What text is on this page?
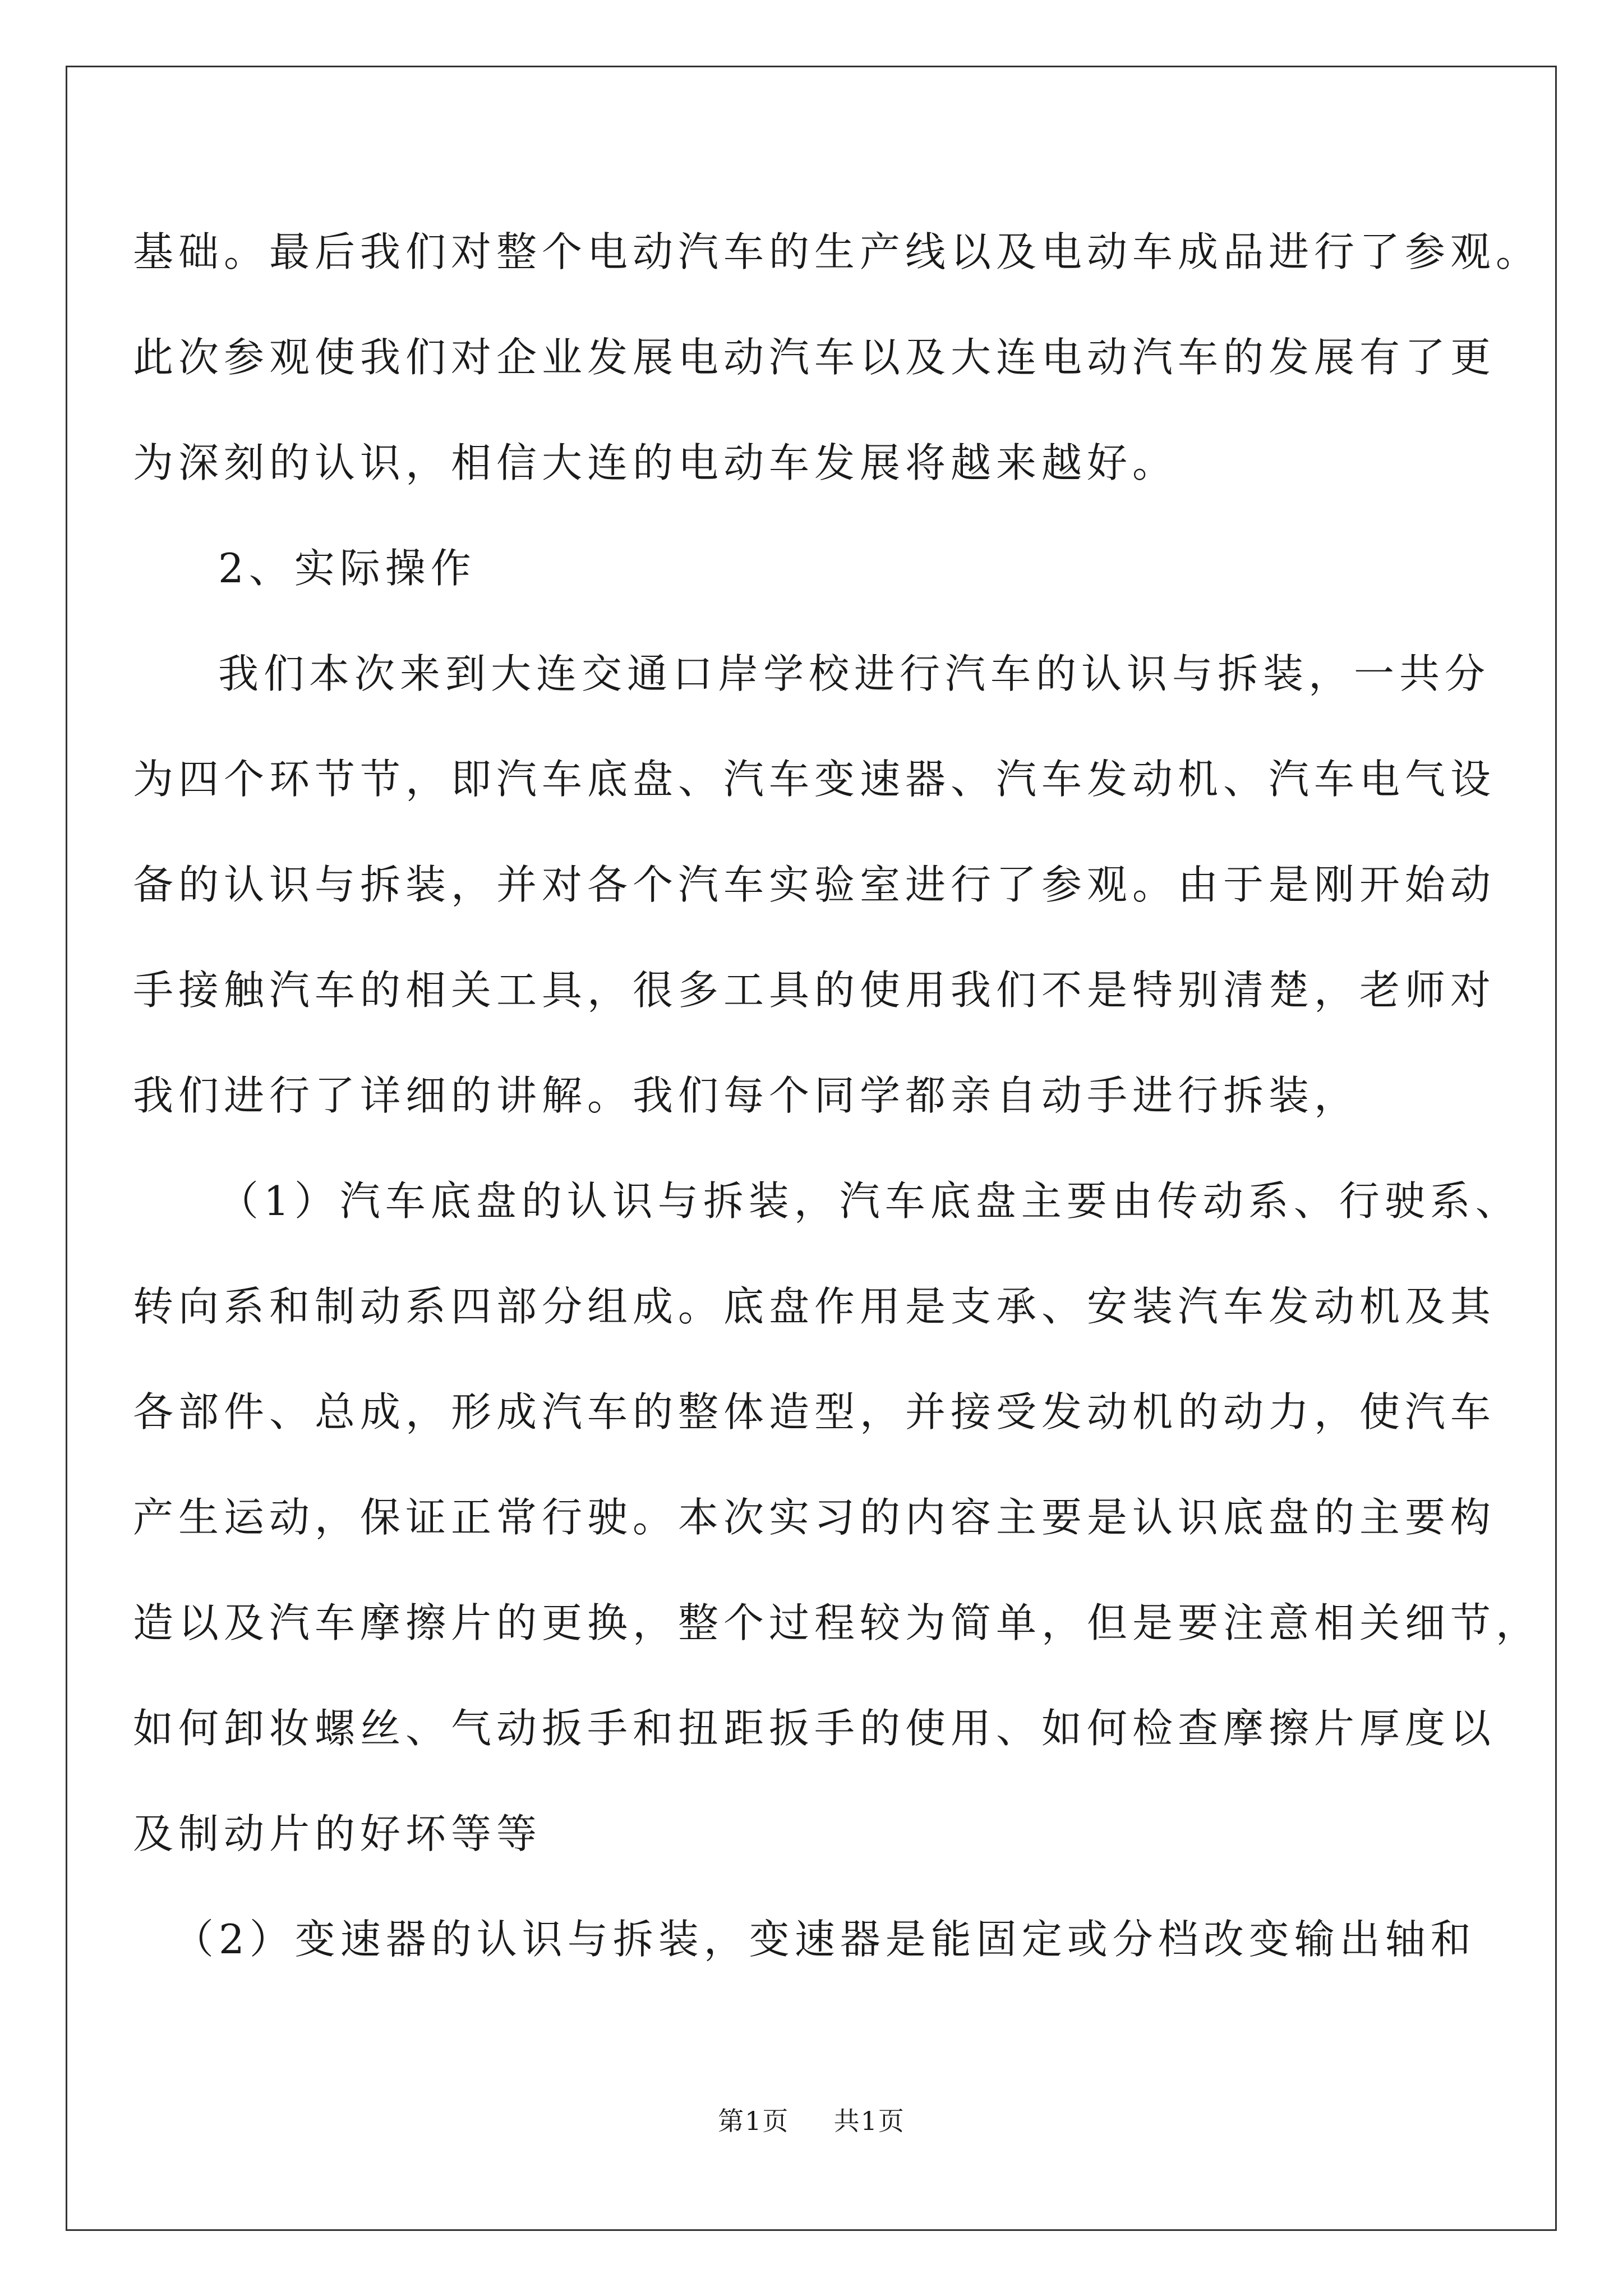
基础。最后我们对整个电动汽车的生产线以及电动车成品进行了参观。
此次参观使我们对企业发展电动汽车以及大连电动汽车的发展有了更
为深刻的认识，相信大连的电动车发展将越来越好。
2、实际操作
我们本次来到大连交通口岸学校进行汽车的认识与拆装，一共分
为四个环节节，即汽车底盘、汽车变速器、汽车发动机、汽车电气设
备的认识与拆装，并对各个汽车实验室进行了参观。由于是刚开始动
手接触汽车的相关工具，很多工具的使用我们不是特别清楚，老师对
我们进行了详细的讲解。我们每个同学都亲自动手进行拆装，
（1）汽车底盘的认识与拆装，汽车底盘主要由传动系、行驶系、
转向系和制动系四部分组成。底盘作用是支承、安装汽车发动机及其
各部件、总成，形成汽车的整体造型，并接受发动机的动力，使汽车
产生运动，保证正常行驶。本次实习的内容主要是认识底盘的主要构
造以及汽车摩擦片的更换，整个过程较为简单，但是要注意相关细节，
如何卸妆螺丝、气动扳手和扭距扳手的使用、如何检查摩擦片厚度以
及制动片的好坏等等
（2）变速器的认识与拆装，变速器是能固定或分档改变输出轴和
第1页 共1页
